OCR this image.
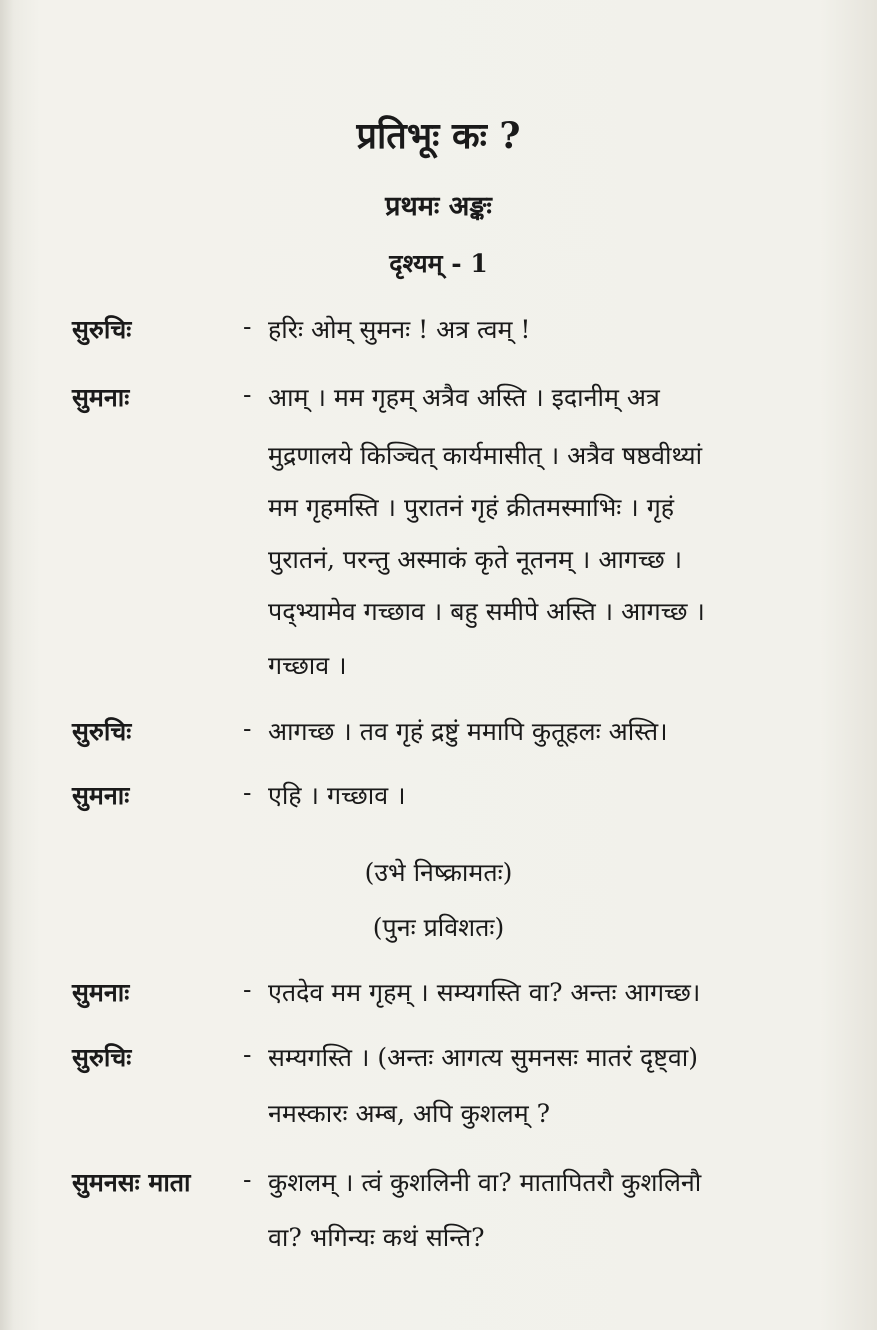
प्रतिभूः कः ?
प्रथमः अङ्कः
दृश्यम् - 1
सुरुचिः	- हरिः ओम् सुमनः ! अत्र त्वम् !
सुमनाः	- आम् । मम गृहम् अत्रैव अस्ति । इदानीम् अत्र
मुद्रणालये किञ्चित् कार्यमासीत् । अत्रैव षष्ठवीथ्यां
मम गृहमस्ति । पुरातनं गृहं क्रीतमस्माभिः । गृहं
पुरातनं, परन्तु अस्माकं कृते नूतनम् । आगच्छ ।
पद्भ्यामेव गच्छाव । बहु समीपे अस्ति । आगच्छ ।
गच्छाव ।
सुरुचिः	- आगच्छ । तव गृहं द्रष्टुं ममापि कुतूहलः अस्ति।
सुमनाः	- एहि । गच्छाव ।
(उभे निष्क्रामतः)
(पुनः प्रविशतः)
सुमनाः	- एतदेव मम गृहम् । सम्यगस्ति वा? अन्तः आगच्छ।
सुरुचिः	- सम्यगस्ति । (अन्तः आगत्य सुमनसः मातरं दृष्ट्वा)
नमस्कारः अम्ब, अपि कुशलम् ?
सुमनसः माता - कुशलम् । त्वं कुशलिनी वा? मातापितरौ कुशलिनौ
वा? भगिन्यः कथं सन्ति?
